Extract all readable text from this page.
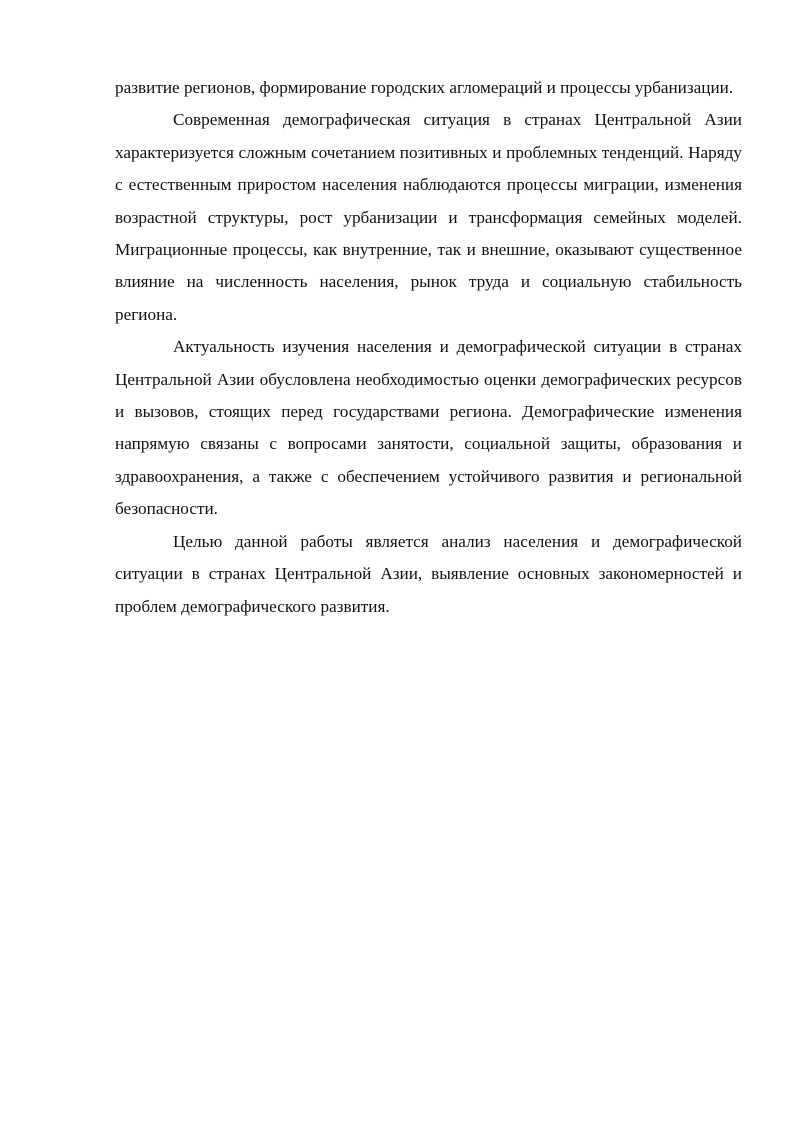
развитие регионов, формирование городских агломераций и процессы урбанизации.

Современная демографическая ситуация в странах Центральной Азии характеризуется сложным сочетанием позитивных и проблемных тенденций. Наряду с естественным приростом населения наблюдаются процессы миграции, изменения возрастной структуры, рост урбанизации и трансформация семейных моделей. Миграционные процессы, как внутренние, так и внешние, оказывают существенное влияние на численность населения, рынок труда и социальную стабильность региона.

Актуальность изучения населения и демографической ситуации в странах Центральной Азии обусловлена необходимостью оценки демографических ресурсов и вызовов, стоящих перед государствами региона. Демографические изменения напрямую связаны с вопросами занятости, социальной защиты, образования и здравоохранения, а также с обеспечением устойчивого развития и региональной безопасности.

Целью данной работы является анализ населения и демографической ситуации в странах Центральной Азии, выявление основных закономерностей и проблем демографического развития.
